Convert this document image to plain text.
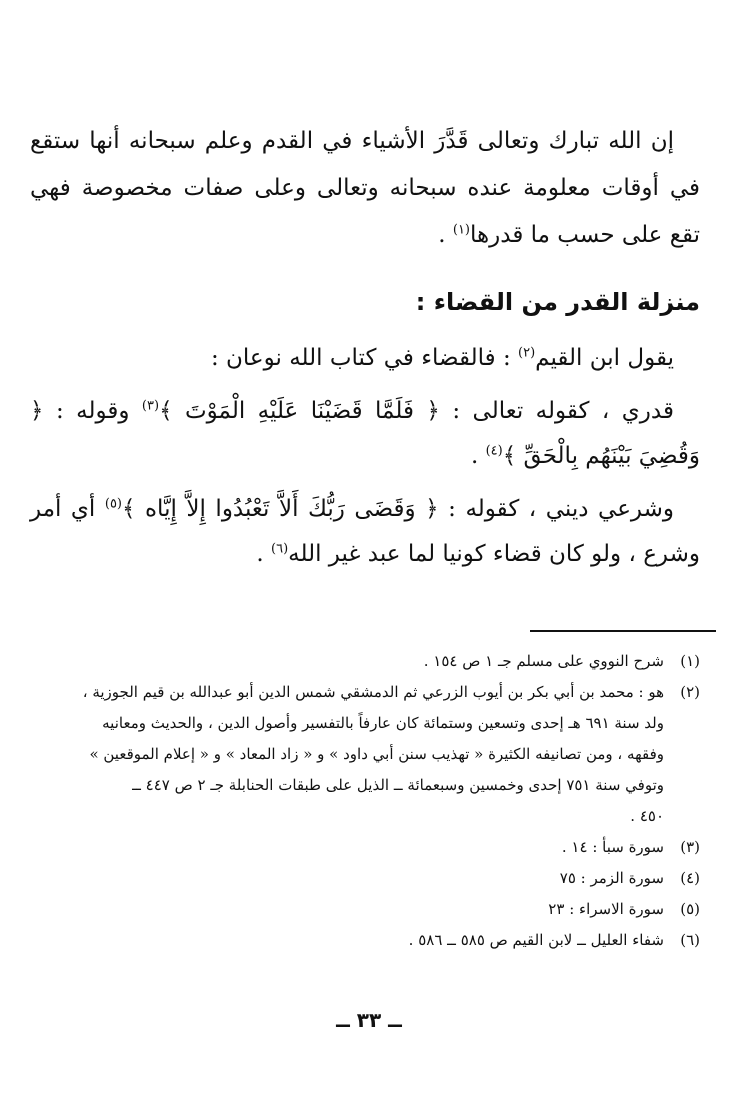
إن الله تبارك وتعالى قَدَّرَ الأشياء في القدم وعلم سبحانه أنها ستقع في أوقات معلومة عنده سبحانه وتعالى وعلى صفات مخصوصة فهي تقع على حسب ما قدرها$^{(١)}$ .

منزلة القدر من القضاء :

يقول ابن القيم$^{(٢)}$ : فالقضاء في كتاب الله نوعان :

قدري ، كقوله تعالى : ﴿ فَلَمَّا قَضَيْنَا عَلَيْهِ الْمَوْتَ ﴾$^{(٣)}$ وقوله : ﴿ وَقُضِيَ بَيْنَهُم بِالْحَقِّ ﴾$^{(٤)}$ .

وشرعي ديني ، كقوله : ﴿ وَقَضَى رَبُّكَ أَلاَّ تَعْبُدُوا إِلاَّ إِيَّاه ﴾$^{(٥)}$ أي أمر وشرع ، ولو كان قضاء كونيا لما عبد غير الله$^{(٦)}$ .

(١)
شرح النووي على مسلم جـ ١ ص ١٥٤ .
(٢)
هو : محمد بن أبي بكر بن أيوب الزرعي ثم الدمشقي شمس الدين أبو عبدالله بن قيم الجوزية ،
ولد سنة ٦٩١ هـ إحدى وتسعين وستمائة كان عارفاً بالتفسير وأصول الدين ، والحديث ومعانيه
وفقهه ، ومن تصانيفه الكثيرة « تهذيب سنن أبي داود » و « زاد المعاد » و « إعلام الموقعين »
وتوفي سنة ٧٥١ إحدى وخمسين وسبعمائة ــ الذيل على طبقات الحنابلة جـ ٢ ص ٤٤٧ ــ
٤٥٠ .
(٣)
سورة سبأ : ١٤ .
(٤)
سورة الزمر : ٧٥
(٥)
سورة الاسراء : ٢٣
(٦)
شفاء العليل ــ لابن القيم ص ٥٨٥ ــ ٥٨٦ .
ــ ٣٣ ــ
